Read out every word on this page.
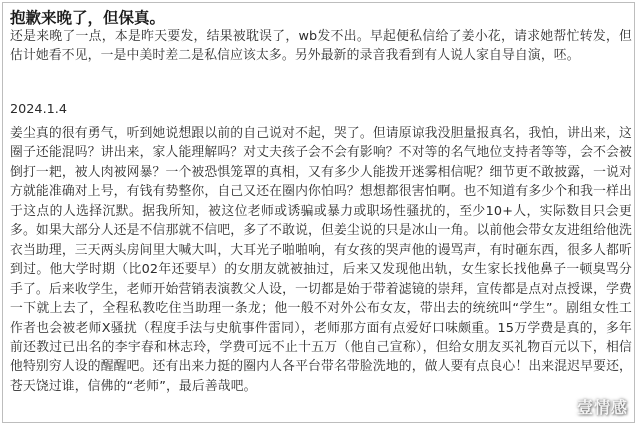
抱歉来晚了，但保真。
还是来晚了一点，本是昨天要发，结果被耽误了，wb发不出。早起便私信给了姜小花，请求她帮忙转发，但估计她看不见，一是中美时差二是私信应该太多。另外最新的录音我看到有人说人家自导自演，呸。
2024.1.4
姜尘真的很有勇气，听到她说想跟以前的自己说对不起，哭了。但请原谅我没胆量报真名，我怕，讲出来，这圈子还能混吗？讲出来，家人能理解吗？对丈夫孩子会不会有影响？不对等的名气地位支持者等等，会不会被倒打一耙，被人肉被网暴？一个被恐惧笼罩的真相，又有多少人能拨开迷雾相信呢？细节更不敢披露，一说对方就能准确对上号，有钱有势整你，自己又还在圈内你怕吗？想想都很害怕啊。也不知道有多少个和我一样出于这点的人选择沉默。据我所知，被这位老师或诱骗或暴力或职场性骚扰的，至少10+人，实际数目只会更多。如果大部分人还是不信那就不信吧，多了不敢说，但姜尘说的只是冰山一角。以前他会带女友进组给他洗衣当助理，三天两头房间里大喊大叫，大耳光子啪啪响，有女孩的哭声他的谩骂声，有时砸东西，很多人都听到过。他大学时期（比02年还要早）的女朋友就被抽过，后来又发现他出轨，女生家长找他鼻子一顿臭骂分手了。后来收学生，老师开始营销表演教父人设，一切都是始于带着滤镜的崇拜，宣传都是点对点授课，学费一下就上去了，全程私教吃住当助理一条龙；他一般不对外公布女友，带出去的统统叫“学生”。剧组女性工作者也会被老师X骚扰（程度手法与史航事件雷同），老师那方面有点爱好口味颇重。15万学费是真的，多年前还教过已出名的李宇春和林志玲，学费可远不止十五万（他自己宣称），但给女朋友买礼物百元以下，相信他特别穷人设的醒醒吧。还有出来力挺的圈内人各平台带名带脸洗地的，做人要有点良心！出来混迟早要还，苍天饶过谁，信佛的“老师”，最后善哉吧。
壹情感
